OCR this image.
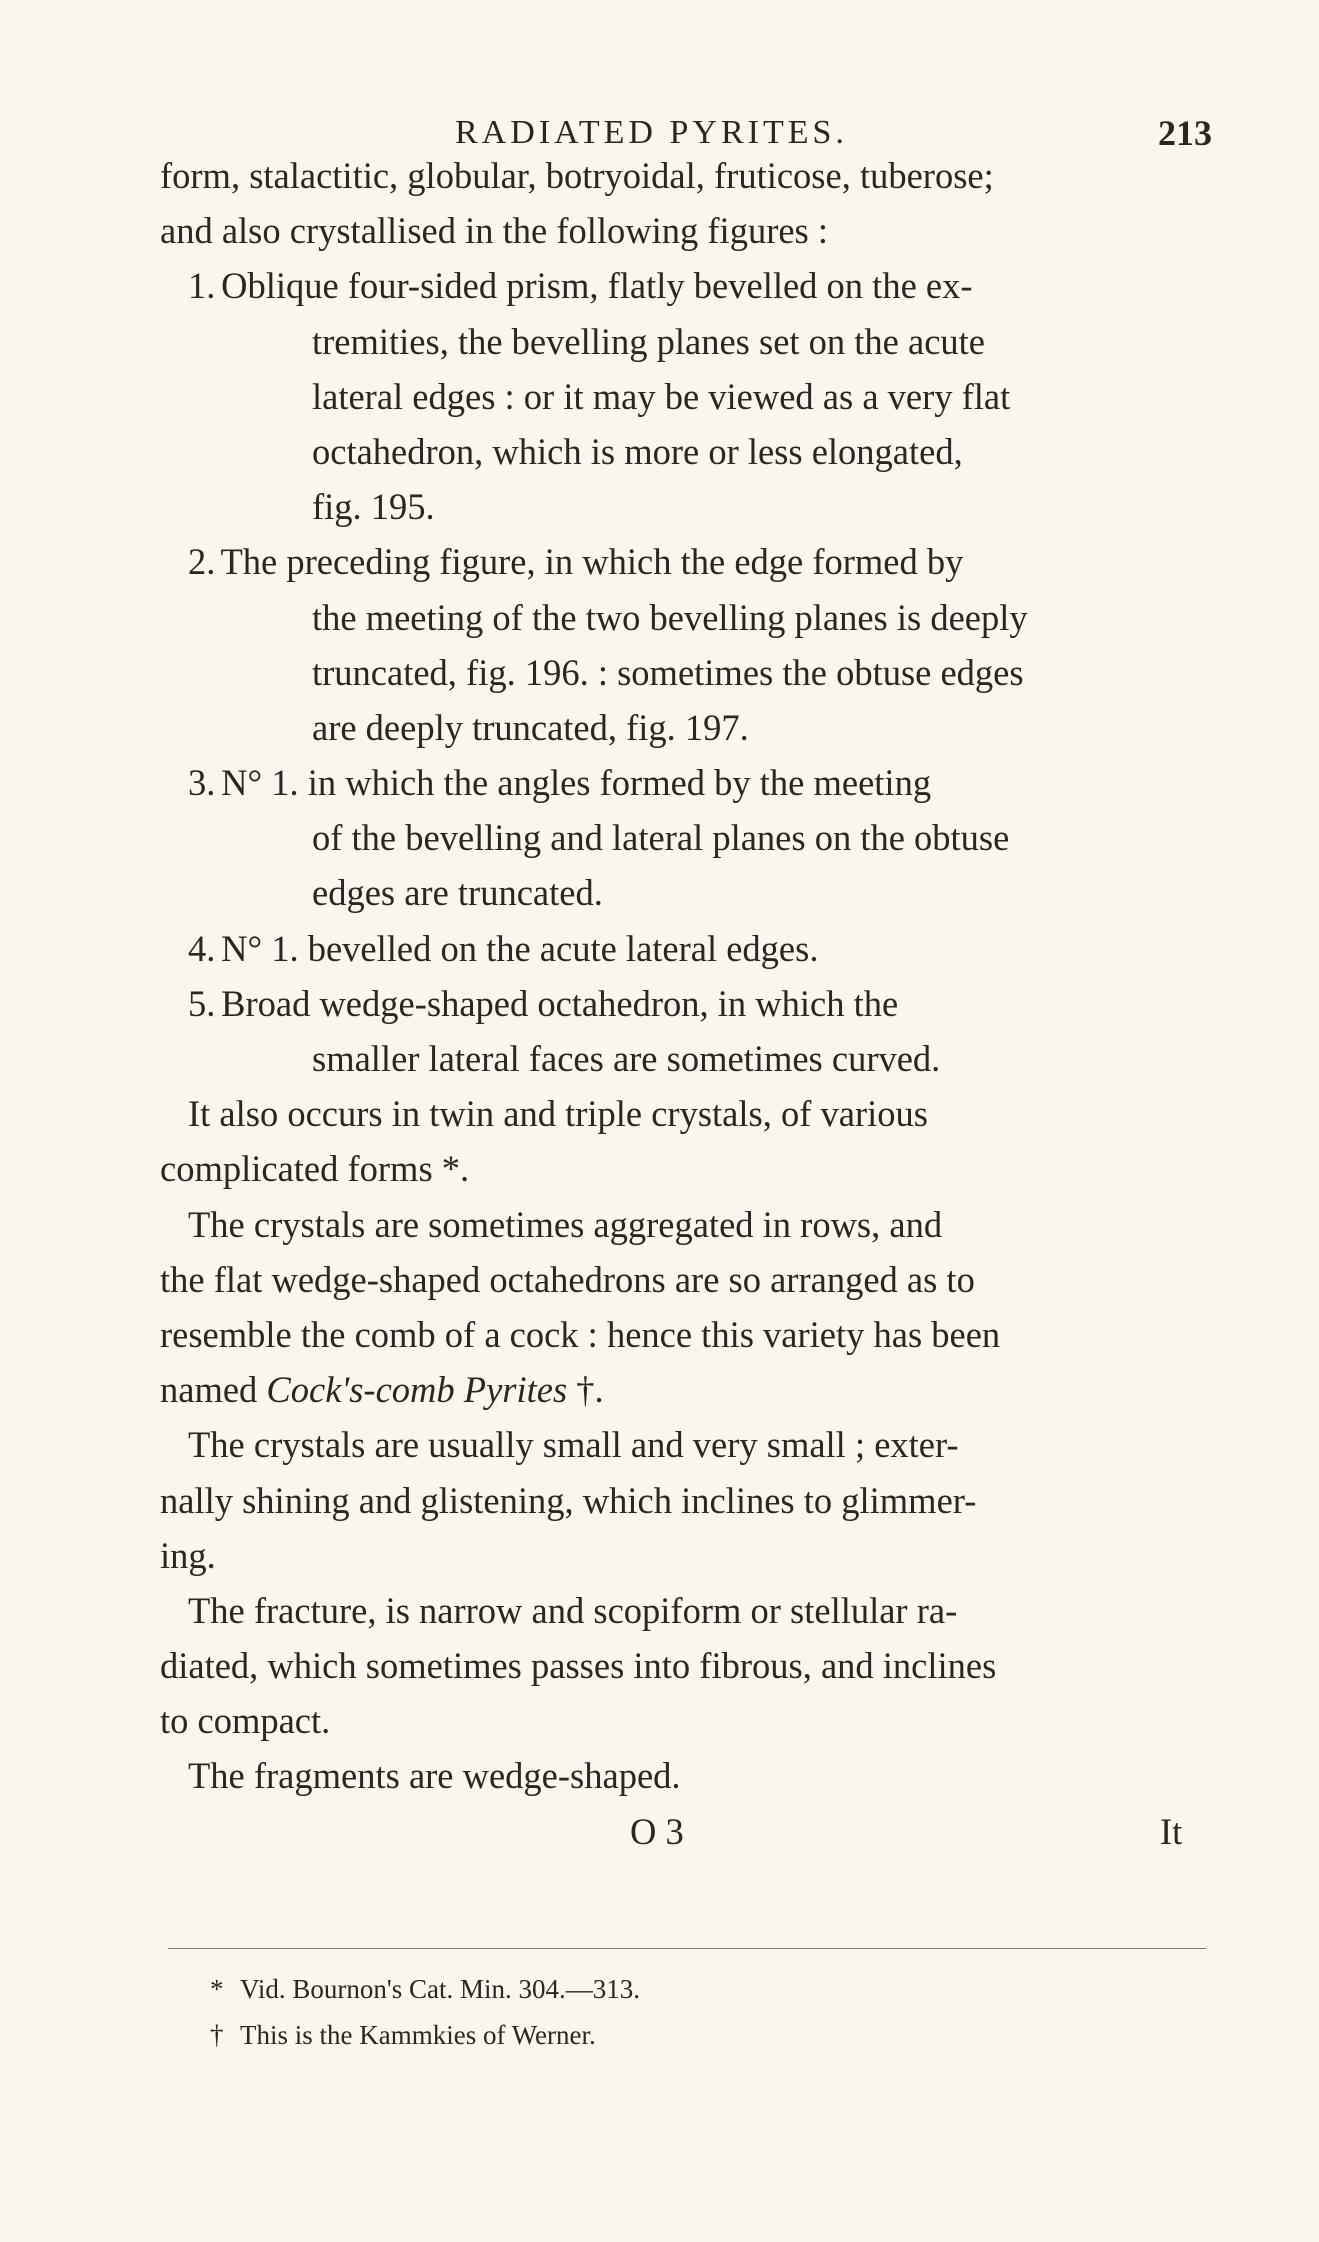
RADIATED PYRITES.	213
form, stalactitic, globular, botryoidal, fruticose, tuberose;
and also crystallised in the following figures :
1. Oblique four-sided prism, flatly bevelled on the ex-
tremities, the bevelling planes set on the acute
lateral edges : or it may be viewed as a very flat
octahedron, which is more or less elongated,
fig. 195.
2. The preceding figure, in which the edge formed by
the meeting of the two bevelling planes is deeply
truncated, fig. 196. : sometimes the obtuse edges
are deeply truncated, fig. 197.
3. N° 1. in which the angles formed by the meeting
of the bevelling and lateral planes on the obtuse
edges are truncated.
4. N° 1. bevelled on the acute lateral edges.
5. Broad wedge-shaped octahedron, in which the
smaller lateral faces are sometimes curved.
It also occurs in twin and triple crystals, of various
complicated forms *.
The crystals are sometimes aggregated in rows, and
the flat wedge-shaped octahedrons are so arranged as to
resemble the comb of a cock : hence this variety has been
named Cock's-comb Pyrites †.
The crystals are usually small and very small ; exter-
nally shining and glistening, which inclines to glimmer-
ing.
The fracture, is narrow and scopiform or stellular ra-
diated, which sometimes passes into fibrous, and inclines
to compact.
The fragments are wedge-shaped.
O 3	It
* Vid. Bournon's Cat. Min. 304.—313.
† This is the Kammkies of Werner.
